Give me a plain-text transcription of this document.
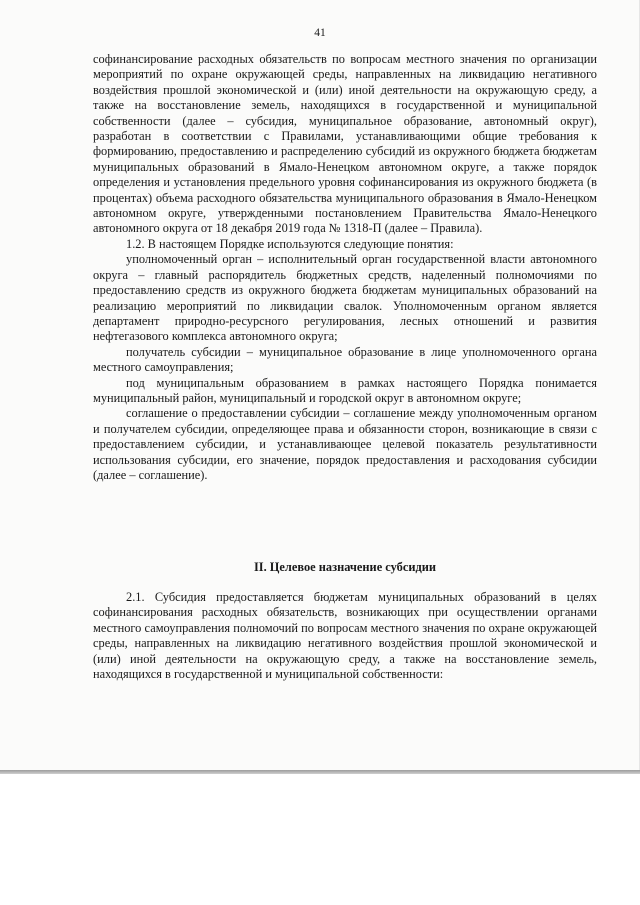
41

софинансирование расходных обязательств по вопросам местного значения по организации мероприятий по охране окружающей среды, направленных на ликвидацию негативного воздействия прошлой экономической и (или) иной деятельности на окружающую среду, а также на восстановление земель, находящихся в государственной и муниципальной собственности (далее – субсидия, муниципальное образование, автономный округ), разработан в соответствии с Правилами, устанавливающими общие требования к формированию, предоставлению и распределению субсидий из окружного бюджета бюджетам муниципальных образований в Ямало-Ненецком автономном округе, а также порядок определения и установления предельного уровня софинансирования из окружного бюджета (в процентах) объема расходного обязательства муниципального образования в Ямало-Ненецком автономном округе, утвержденными постановлением Правительства Ямало-Ненецкого автономного округа от 18 декабря 2019 года № 1318-П (далее – Правила).

1.2. В настоящем Порядке используются следующие понятия:

уполномоченный орган – исполнительный орган государственной власти автономного округа – главный распорядитель бюджетных средств, наделенный полномочиями по предоставлению средств из окружного бюджета бюджетам муниципальных образований на реализацию мероприятий по ликвидации свалок. Уполномоченным органом является департамент природно-ресурсного регулирования, лесных отношений и развития нефтегазового комплекса автономного округа;

получатель субсидии – муниципальное образование в лице уполномоченного органа местного самоуправления;

под муниципальным образованием в рамках настоящего Порядка понимается муниципальный район, муниципальный и городской округ в автономном округе;

соглашение о предоставлении субсидии – соглашение между уполномоченным органом и получателем субсидии, определяющее права и обязанности сторон, возникающие в связи с предоставлением субсидии, и устанавливающее целевой показатель результативности использования субсидии, его значение, порядок предоставления и расходования субсидии (далее – соглашение).

II. Целевое назначение субсидии

2.1. Субсидия предоставляется бюджетам муниципальных образований в целях софинансирования расходных обязательств, возникающих при осуществлении органами местного самоуправления полномочий по вопросам местного значения по охране окружающей среды, направленных на ликвидацию негативного воздействия прошлой экономической и (или) иной деятельности на окружающую среду, а также на восстановление земель, находящихся в государственной и муниципальной собственности:
